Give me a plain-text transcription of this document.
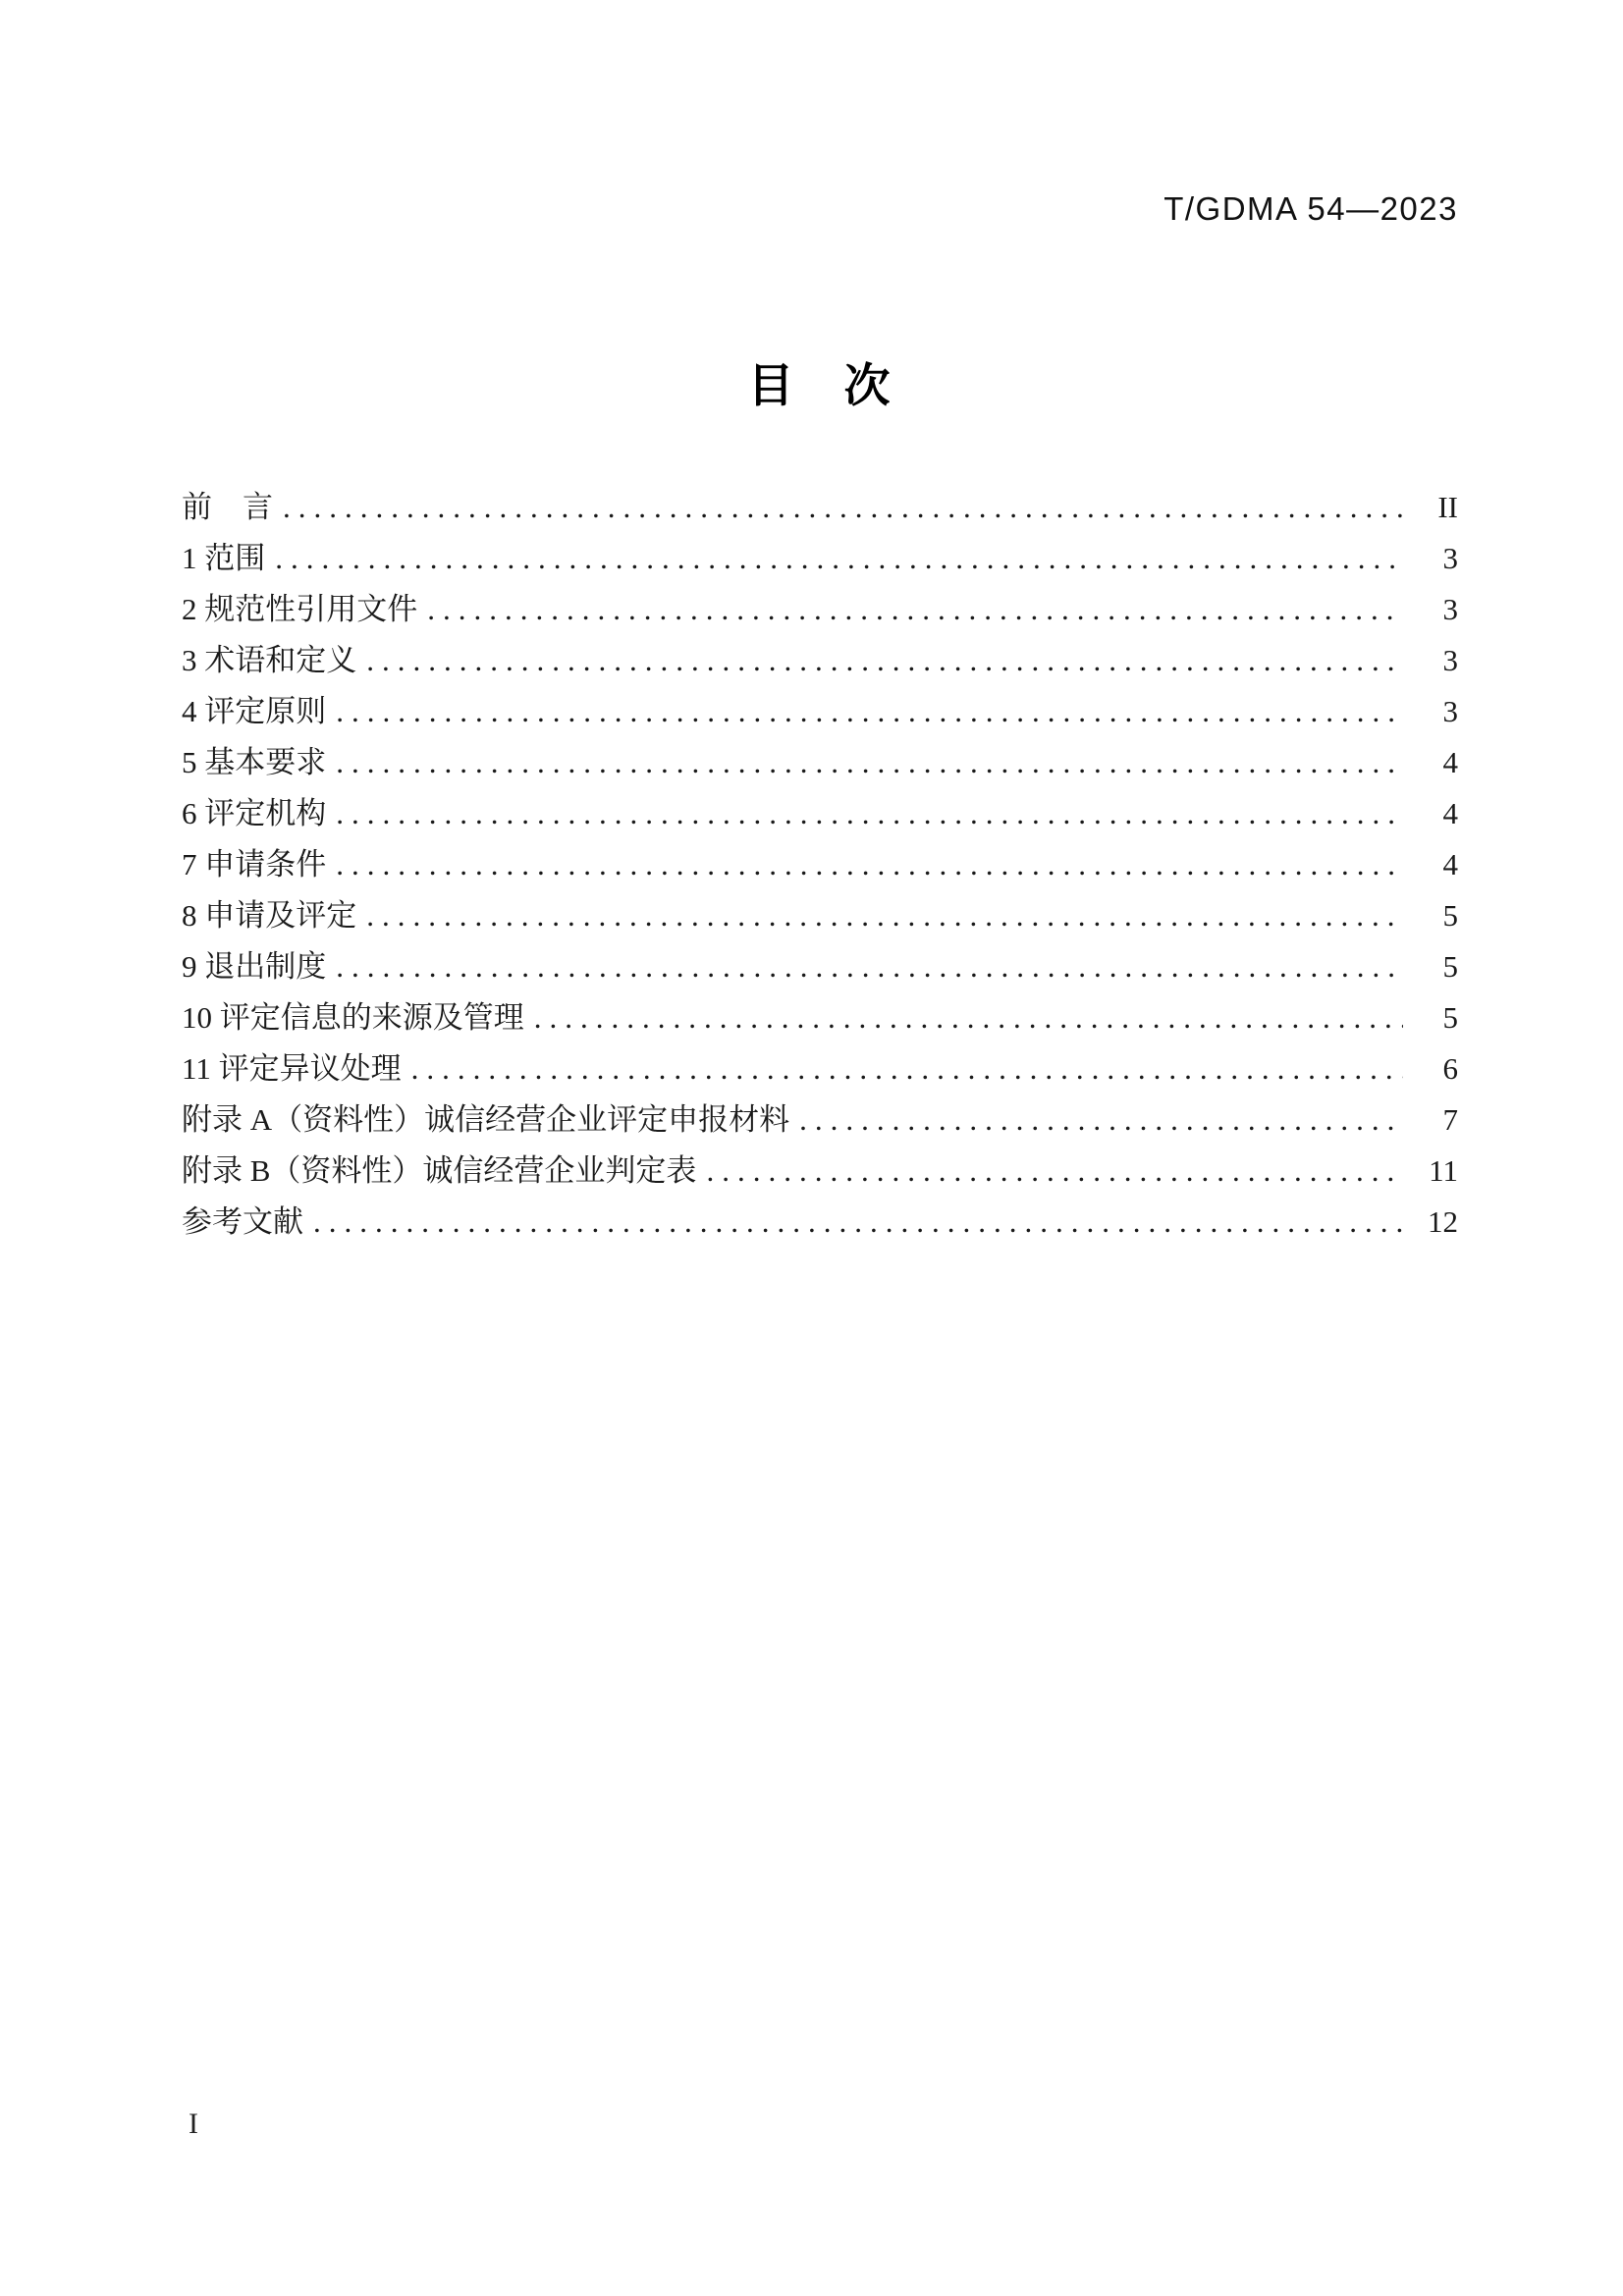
T/GDMA 54—2023
目　次
前　言 .....	II
1 范围 .....	3
2 规范性引用文件 .....	3
3 术语和定义 .....	3
4 评定原则 .....	3
5 基本要求 .....	4
6 评定机构 .....	4
7 申请条件 .....	4
8 申请及评定 .....	5
9 退出制度 .....	5
10 评定信息的来源及管理 .....	5
11 评定异议处理 .....	6
附录 A（资料性）诚信经营企业评定申报材料 .....	7
附录 B（资料性）诚信经营企业判定表 .....	11
参考文献 .....	12
I
